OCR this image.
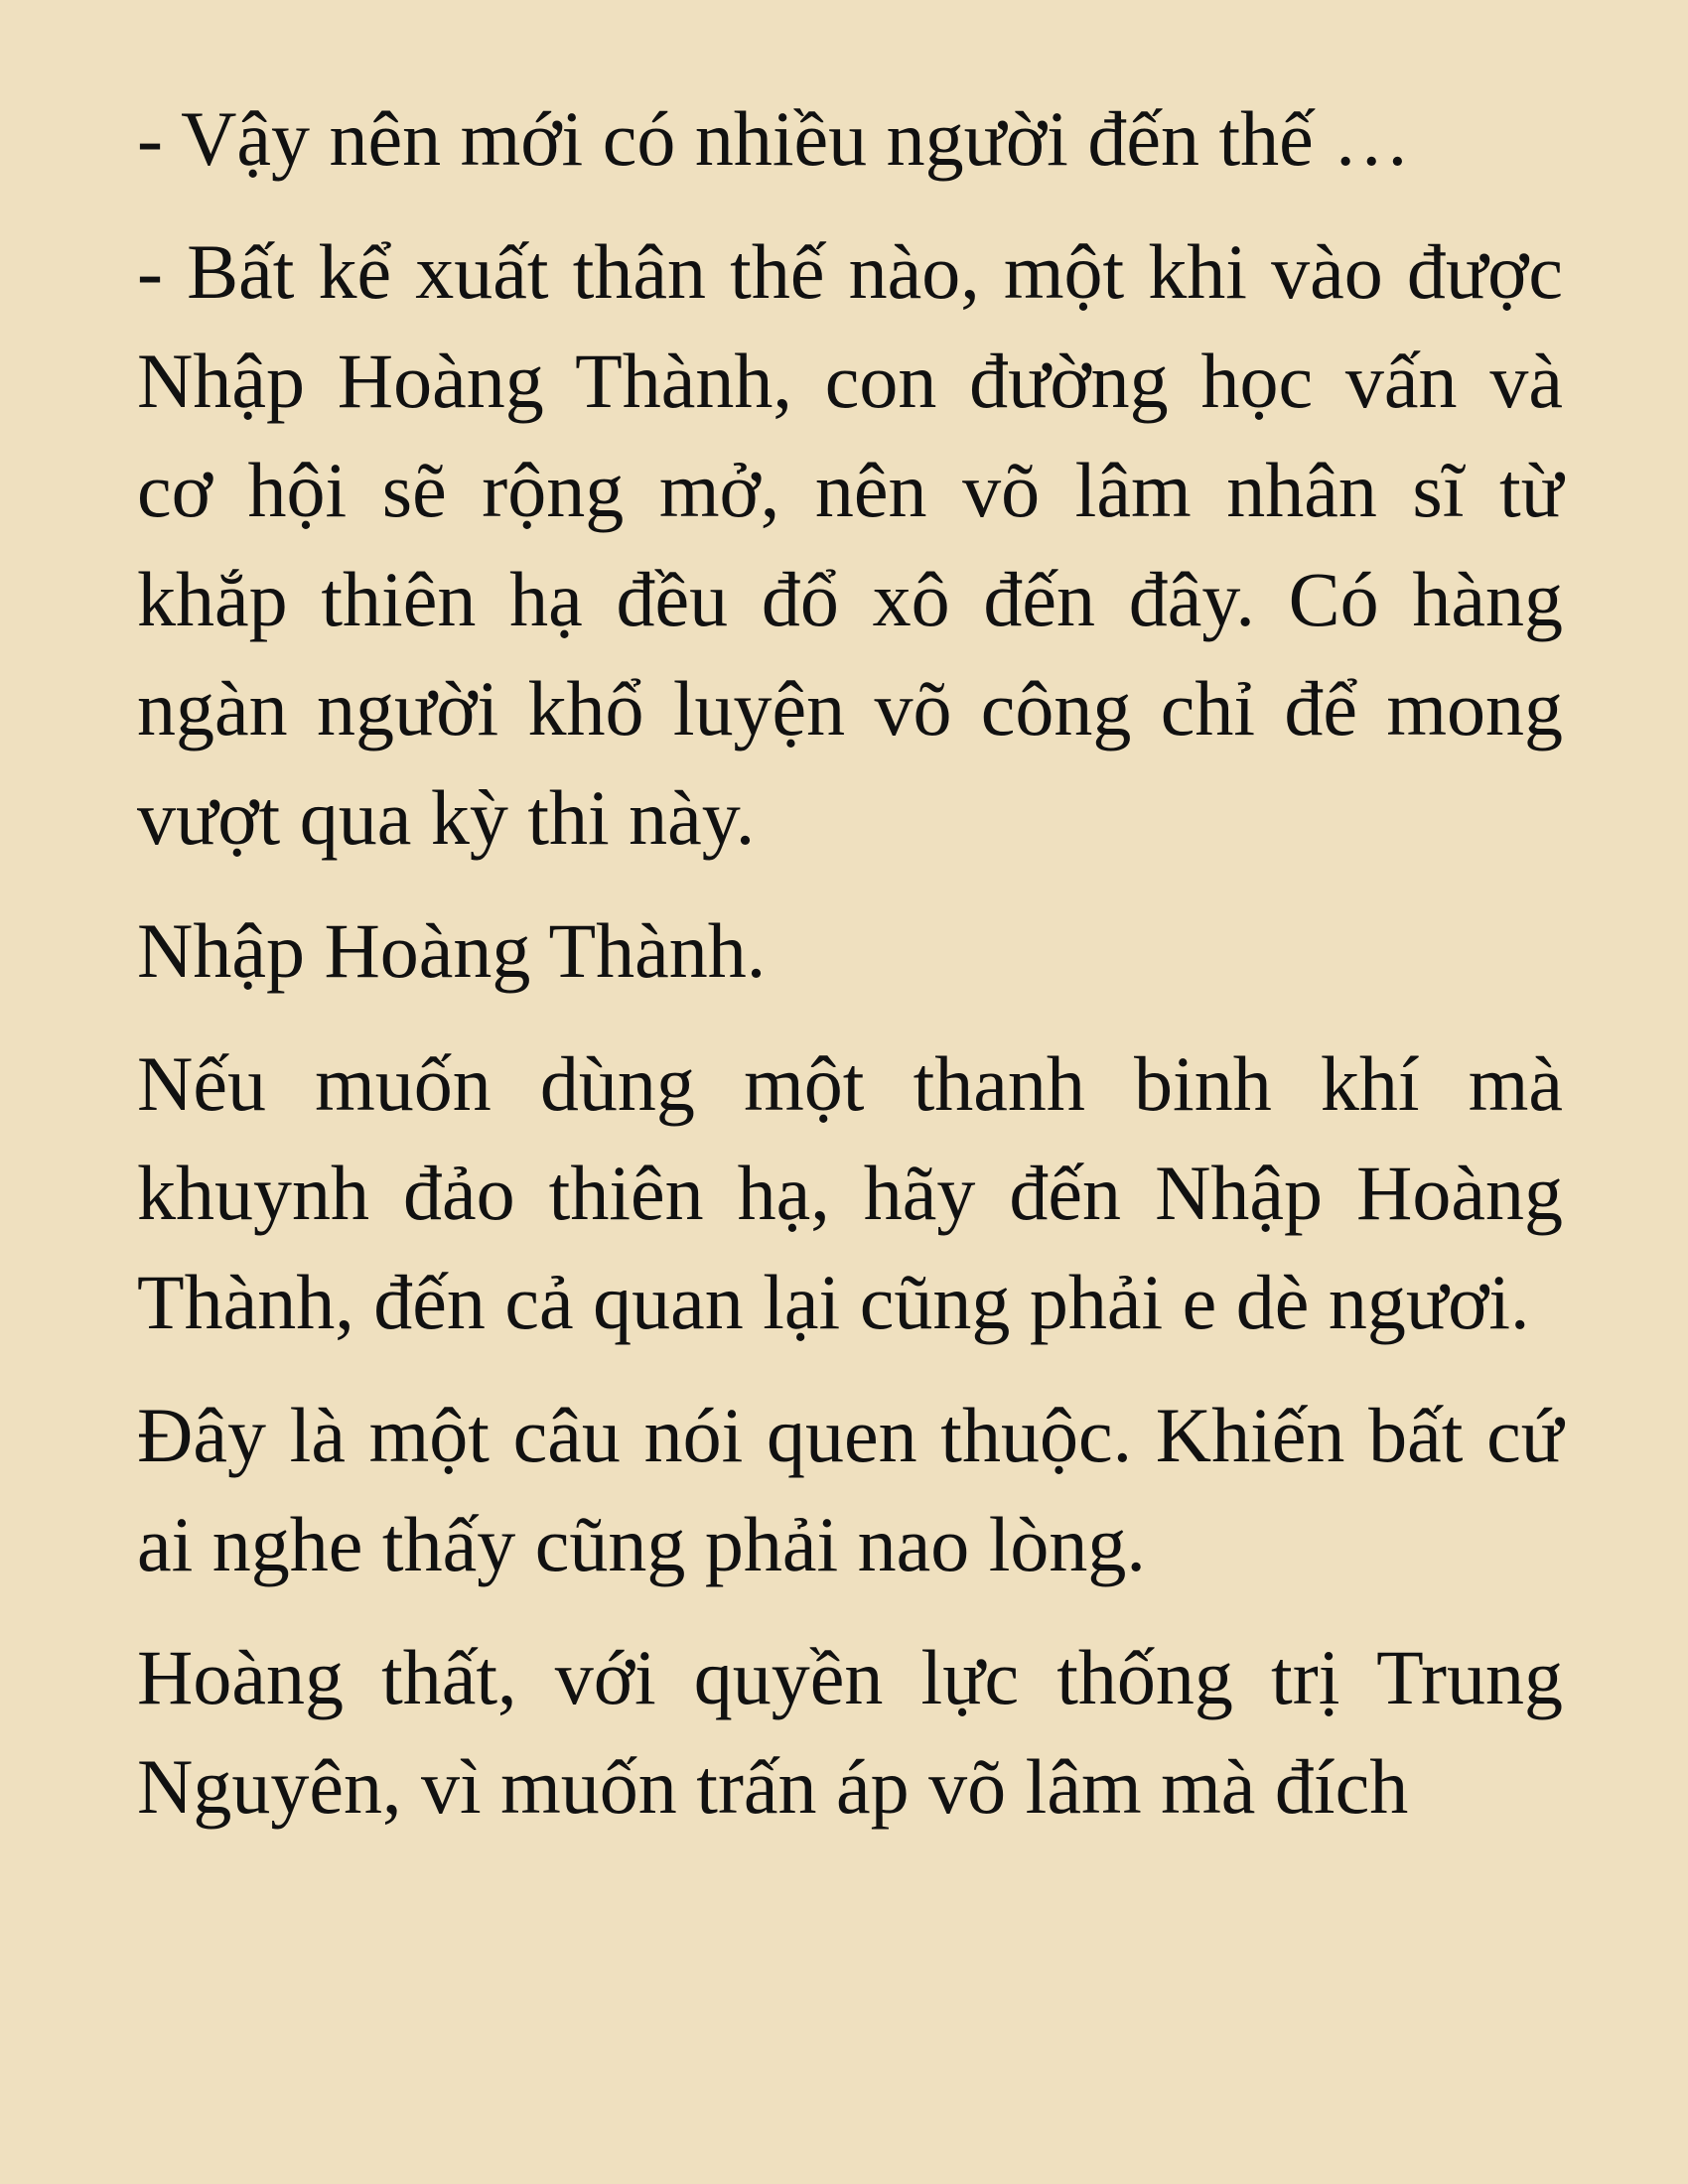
- Vậy nên mới có nhiều người đến thế …

- Bất kể xuất thân thế nào, một khi vào được Nhập Hoàng Thành, con đường học vấn và cơ hội sẽ rộng mở, nên võ lâm nhân sĩ từ khắp thiên hạ đều đổ xô đến đây. Có hàng ngàn người khổ luyện võ công chỉ để mong vượt qua kỳ thi này.

Nhập Hoàng Thành.

Nếu muốn dùng một thanh binh khí mà khuynh đảo thiên hạ, hãy đến Nhập Hoàng Thành, đến cả quan lại cũng phải e dè ngươi.

Đây là một câu nói quen thuộc. Khiến bất cứ ai nghe thấy cũng phải nao lòng.

Hoàng thất, với quyền lực thống trị Trung Nguyên, vì muốn trấn áp võ lâm mà đích
